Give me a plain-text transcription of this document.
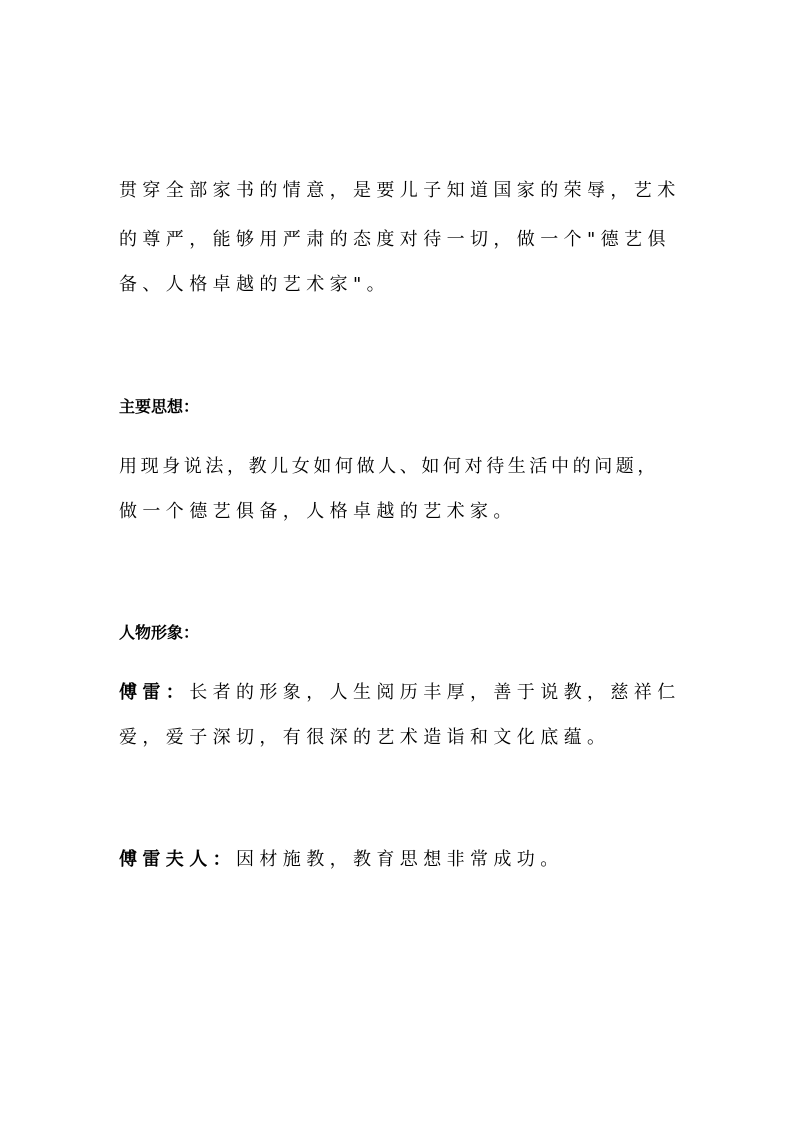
贯穿全部家书的情意，是要儿子知道国家的荣辱，艺术

的尊严，能够用严肃的态度对待一切，做一个"德艺俱

备、人格卓越的艺术家"。

主要思想：

用现身说法，教儿女如何做人、如何对待生活中的问题，

做一个德艺俱备，人格卓越的艺术家。

人物形象：

傅雷：长者的形象，人生阅历丰厚，善于说教，慈祥仁

爱，爱子深切，有很深的艺术造诣和文化底蕴。

傅雷夫人：因材施教，教育思想非常成功。
